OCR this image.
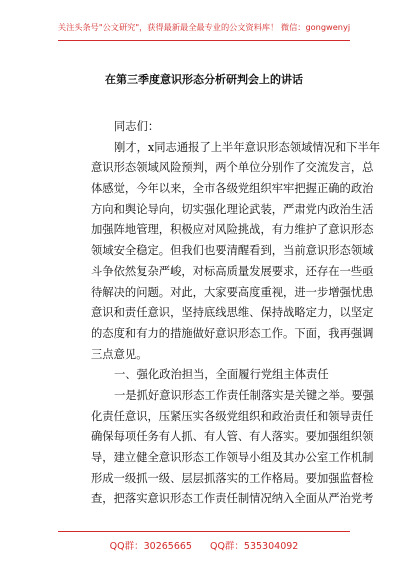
关注头条号"公文研究"，获得最新最全最专业的公文资料库！ 微信：gongwenyj
在第三季度意识形态分析研判会上的讲话
同志们：
刚才，x同志通报了上半年意识形态领域情况和下半年
意识形态领域风险预判，两个单位分别作了交流发言，总
体感觉，今年以来，全市各级党组织牢牢把握正确的政治
方向和舆论导向，切实强化理论武装，严肃党内政治生活
加强阵地管理，积极应对风险挑战，有力维护了意识形态
领域安全稳定。但我们也要清醒看到，当前意识形态领域
斗争依然复杂严峻，对标高质量发展要求，还存在一些亟
待解决的问题。对此，大家要高度重视，进一步增强忧患
意识和责任意识，坚持底线思维、保持战略定力，以坚定
的态度和有力的措施做好意识形态工作。下面，我再强调
三点意见。
一、强化政治担当，全面履行党组主体责任
一是抓好意识形态工作责任制落实是关键之举。要强
化责任意识，压紧压实各级党组织和政治责任和领导责任
确保每项任务有人抓、有人管、有人落实。要加强组织领
导，建立健全意识形态工作领导小组及其办公室工作机制
形成一级抓一级、层层抓落实的工作格局。要加强监督检
查，把落实意识形态工作责任制情况纳入全面从严治党考
QQ群：30265665 QQ群：535304092
